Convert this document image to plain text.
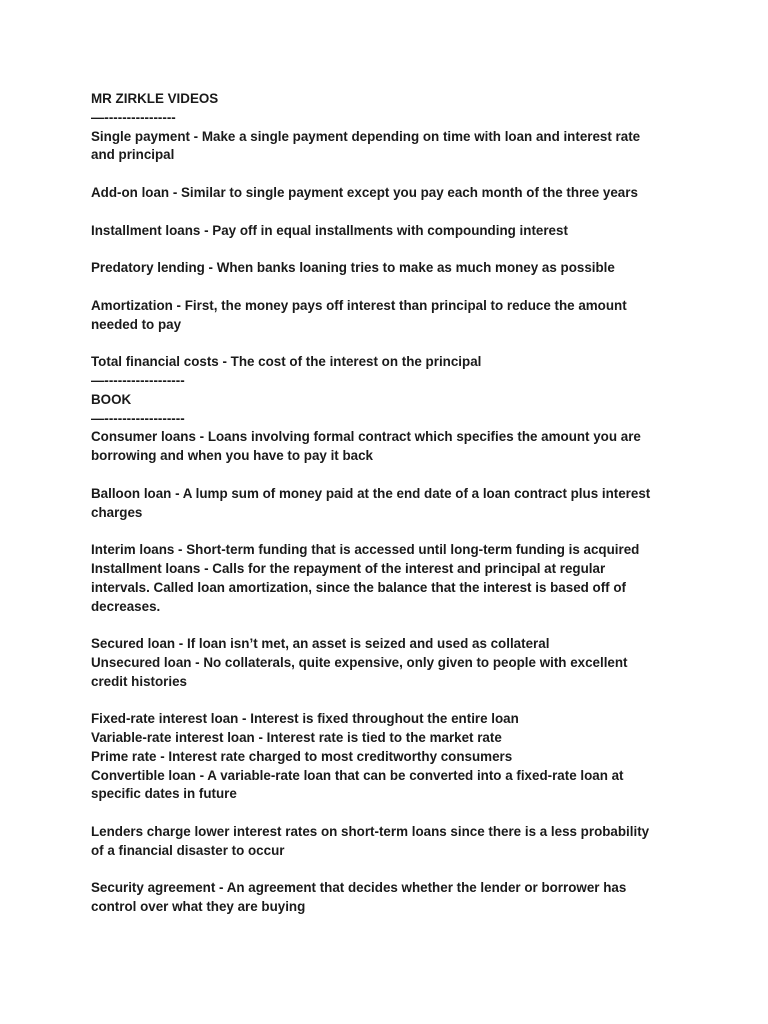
MR ZIRKLE VIDEOS
—----------------
Single payment - Make a single payment depending on time with loan and interest rate
and principal
Add-on loan - Similar to single payment except you pay each month of the three years
Installment loans - Pay off in equal installments with compounding interest
Predatory lending - When banks loaning tries to make as much money as possible
Amortization - First, the money pays off interest than principal to reduce the amount
needed to pay
Total financial costs - The cost of the interest on the principal
—------------------
BOOK
—------------------
Consumer loans - Loans involving formal contract which specifies the amount you are
borrowing and when you have to pay it back
Balloon loan - A lump sum of money paid at the end date of a loan contract plus interest
charges
Interim loans - Short-term funding that is accessed until long-term funding is acquired
Installment loans - Calls for the repayment of the interest and principal at regular
intervals. Called loan amortization, since the balance that the interest is based off of
decreases.
Secured loan - If loan isn’t met, an asset is seized and used as collateral
Unsecured loan - No collaterals, quite expensive, only given to people with excellent
credit histories
Fixed-rate interest loan - Interest is fixed throughout the entire loan
Variable-rate interest loan - Interest rate is tied to the market rate
Prime rate - Interest rate charged to most creditworthy consumers
Convertible loan - A variable-rate loan that can be converted into a fixed-rate loan at
specific dates in future
Lenders charge lower interest rates on short-term loans since there is a less probability
of a financial disaster to occur
Security agreement - An agreement that decides whether the lender or borrower has
control over what they are buying
